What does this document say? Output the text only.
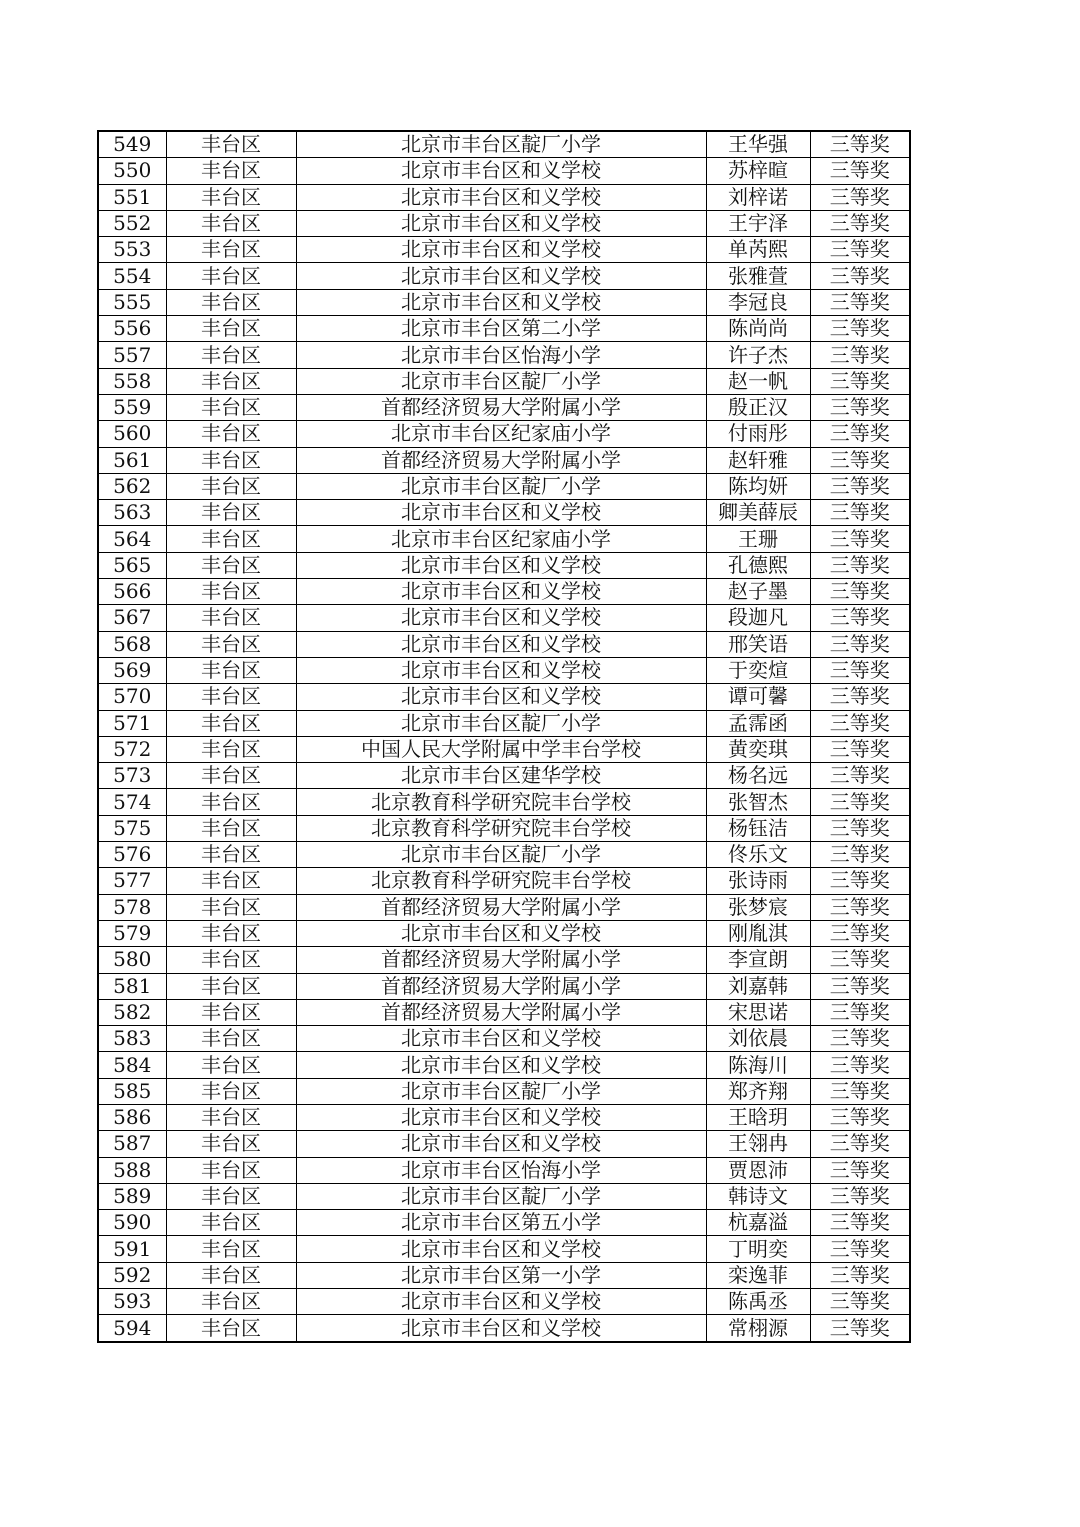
549	丰台区	北京市丰台区靛厂小学	王华强	三等奖
550	丰台区	北京市丰台区和义学校	苏梓暄	三等奖
551	丰台区	北京市丰台区和义学校	刘梓诺	三等奖
552	丰台区	北京市丰台区和义学校	王宇泽	三等奖
553	丰台区	北京市丰台区和义学校	单芮熙	三等奖
554	丰台区	北京市丰台区和义学校	张雅萱	三等奖
555	丰台区	北京市丰台区和义学校	李冠良	三等奖
556	丰台区	北京市丰台区第二小学	陈尚尚	三等奖
557	丰台区	北京市丰台区怡海小学	许子杰	三等奖
558	丰台区	北京市丰台区靛厂小学	赵一帆	三等奖
559	丰台区	首都经济贸易大学附属小学	殷正汉	三等奖
560	丰台区	北京市丰台区纪家庙小学	付雨彤	三等奖
561	丰台区	首都经济贸易大学附属小学	赵轩雅	三等奖
562	丰台区	北京市丰台区靛厂小学	陈均妍	三等奖
563	丰台区	北京市丰台区和义学校	卿美薛辰	三等奖
564	丰台区	北京市丰台区纪家庙小学	王珊	三等奖
565	丰台区	北京市丰台区和义学校	孔德熙	三等奖
566	丰台区	北京市丰台区和义学校	赵子墨	三等奖
567	丰台区	北京市丰台区和义学校	段迦凡	三等奖
568	丰台区	北京市丰台区和义学校	邢笑语	三等奖
569	丰台区	北京市丰台区和义学校	于奕煊	三等奖
570	丰台区	北京市丰台区和义学校	谭可馨	三等奖
571	丰台区	北京市丰台区靛厂小学	孟霈函	三等奖
572	丰台区	中国人民大学附属中学丰台学校	黄奕琪	三等奖
573	丰台区	北京市丰台区建华学校	杨名远	三等奖
574	丰台区	北京教育科学研究院丰台学校	张智杰	三等奖
575	丰台区	北京教育科学研究院丰台学校	杨钰洁	三等奖
576	丰台区	北京市丰台区靛厂小学	佟乐文	三等奖
577	丰台区	北京教育科学研究院丰台学校	张诗雨	三等奖
578	丰台区	首都经济贸易大学附属小学	张梦宸	三等奖
579	丰台区	北京市丰台区和义学校	刚胤淇	三等奖
580	丰台区	首都经济贸易大学附属小学	李宣朗	三等奖
581	丰台区	首都经济贸易大学附属小学	刘嘉韩	三等奖
582	丰台区	首都经济贸易大学附属小学	宋思诺	三等奖
583	丰台区	北京市丰台区和义学校	刘依晨	三等奖
584	丰台区	北京市丰台区和义学校	陈海川	三等奖
585	丰台区	北京市丰台区靛厂小学	郑齐翔	三等奖
586	丰台区	北京市丰台区和义学校	王晗玥	三等奖
587	丰台区	北京市丰台区和义学校	王翎冉	三等奖
588	丰台区	北京市丰台区怡海小学	贾恩沛	三等奖
589	丰台区	北京市丰台区靛厂小学	韩诗文	三等奖
590	丰台区	北京市丰台区第五小学	杭嘉溢	三等奖
591	丰台区	北京市丰台区和义学校	丁明奕	三等奖
592	丰台区	北京市丰台区第一小学	栾逸菲	三等奖
593	丰台区	北京市丰台区和义学校	陈禹丞	三等奖
594	丰台区	北京市丰台区和义学校	常栩源	三等奖
